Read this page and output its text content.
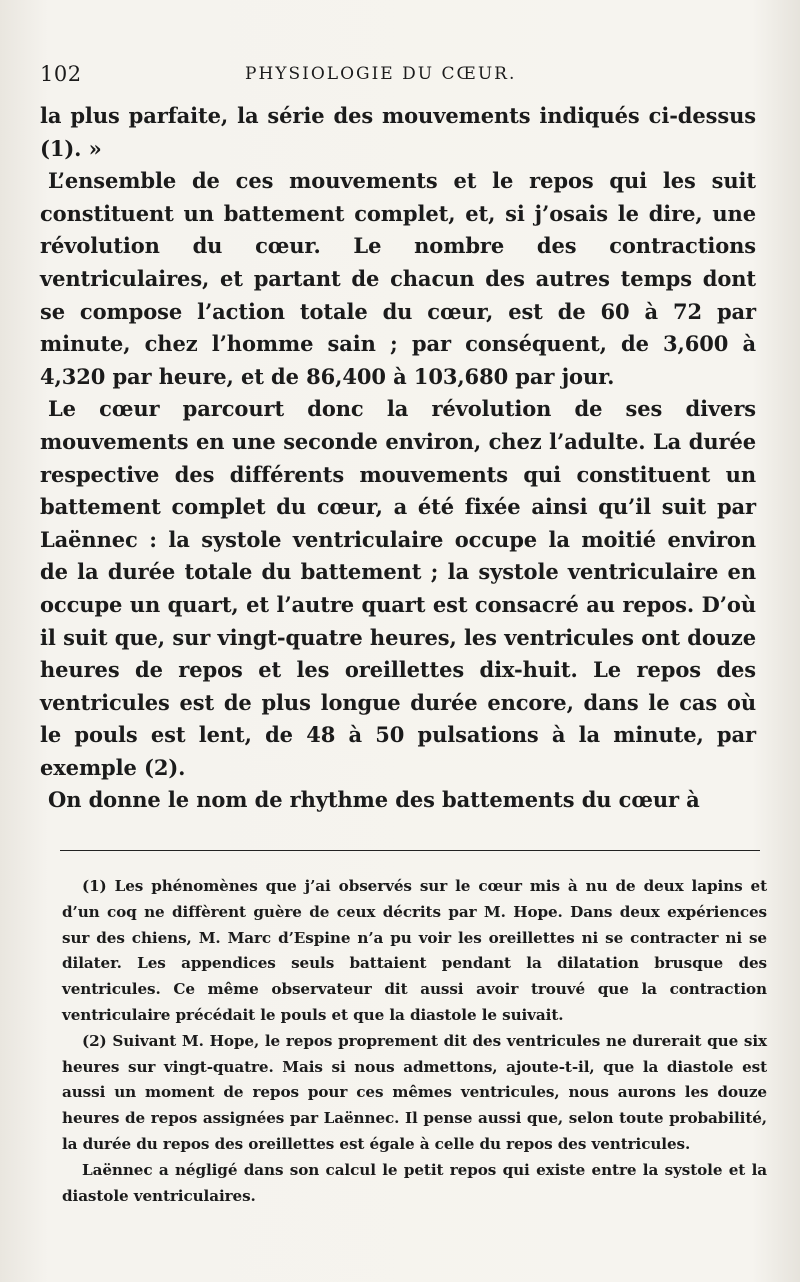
102	PHYSIOLOGIE DU CŒUR.

la plus parfaite, la série des mouvements indiqués ci-dessus (1). »

L’ensemble de ces mouvements et le repos qui les suit constituent un battement complet, et, si j’osais le dire, une révolution du cœur. Le nombre des contractions ventriculaires, et partant de chacun des autres temps dont se compose l’action totale du cœur, est de 60 à 72 par minute, chez l’homme sain ; par conséquent, de 3,600 à 4,320 par heure, et de 86,400 à 103,680 par jour.

Le cœur parcourt donc la révolution de ses divers mouvements en une seconde environ, chez l’adulte. La durée respective des différents mouvements qui constituent un battement complet du cœur, a été fixée ainsi qu’il suit par Laënnec : la systole ventriculaire occupe la moitié environ de la durée totale du battement ; la systole ventriculaire en occupe un quart, et l’autre quart est consacré au repos. D’où il suit que, sur vingt-quatre heures, les ventricules ont douze heures de repos et les oreillettes dix-huit. Le repos des ventricules est de plus longue durée encore, dans le cas où le pouls est lent, de 48 à 50 pulsations à la minute, par exemple (2).

On donne le nom de rhythme des battements du cœur à

(1) Les phénomènes que j’ai observés sur le cœur mis à nu de deux lapins et d’un coq ne diffèrent guère de ceux décrits par M. Hope. Dans deux expériences sur des chiens, M. Marc d’Espine n’a pu voir les oreillettes ni se contracter ni se dilater. Les appendices seuls battaient pendant la dilatation brusque des ventricules. Ce même observateur dit aussi avoir trouvé que la contraction ventriculaire précédait le pouls et que la diastole le suivait.

(2) Suivant M. Hope, le repos proprement dit des ventricules ne durerait que six heures sur vingt-quatre. Mais si nous admettons, ajoute-t-il, que la diastole est aussi un moment de repos pour ces mêmes ventricules, nous aurons les douze heures de repos assignées par Laënnec. Il pense aussi que, selon toute probabilité, la durée du repos des oreillettes est égale à celle du repos des ventricules.

Laënnec a négligé dans son calcul le petit repos qui existe entre la systole et la diastole ventriculaires.
